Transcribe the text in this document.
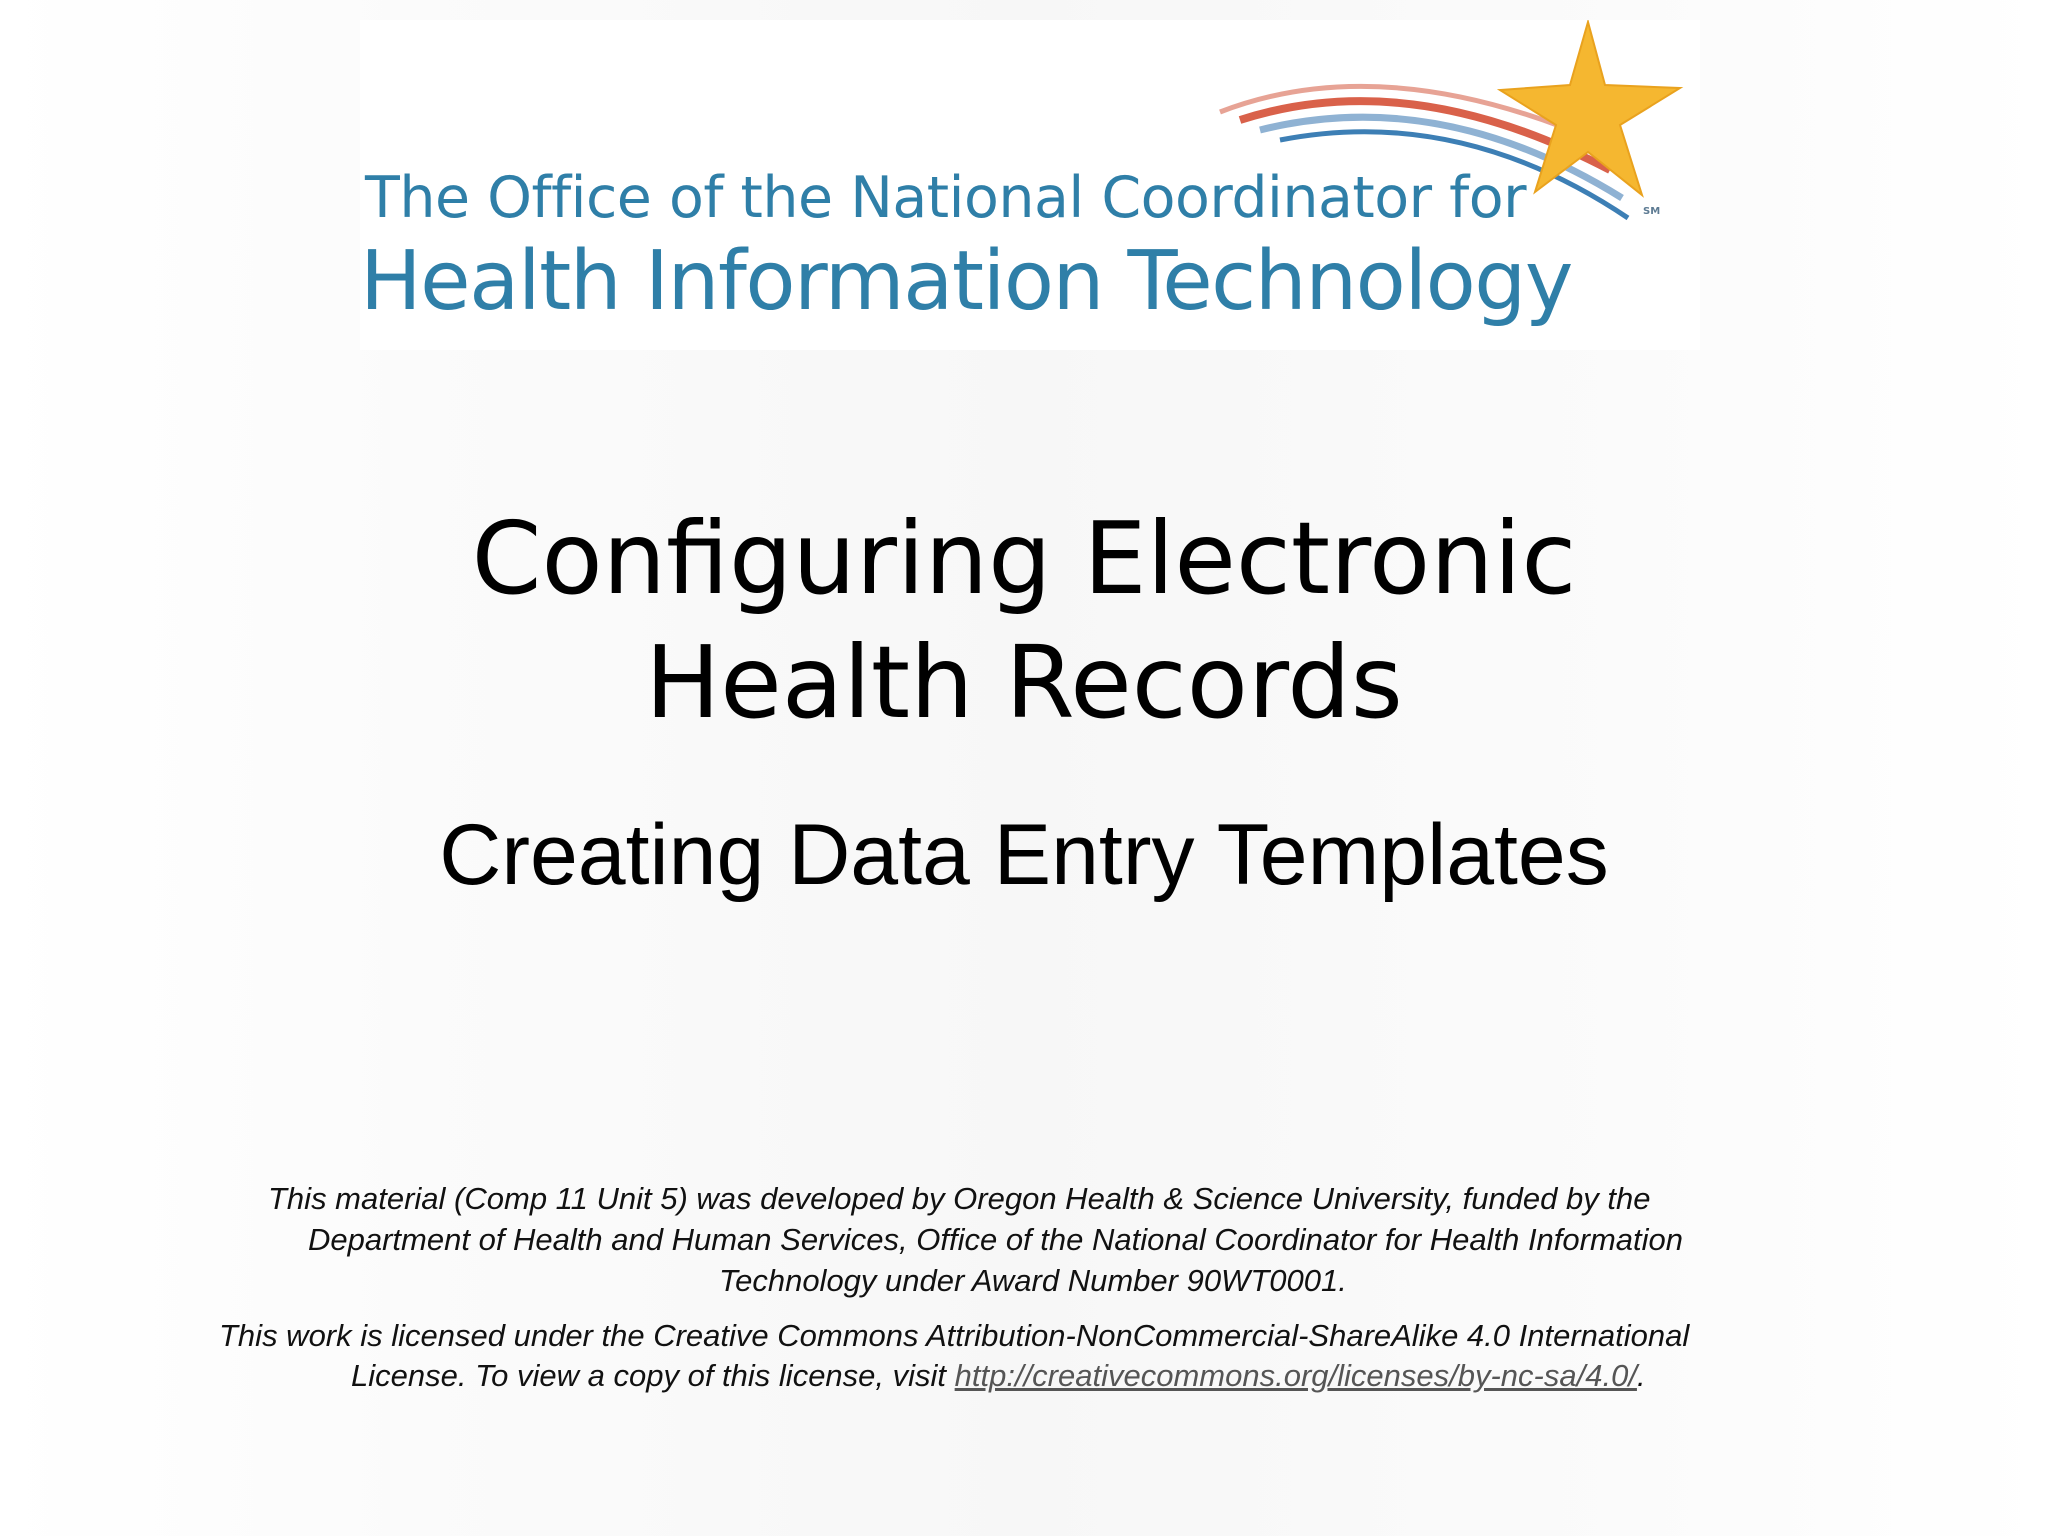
The Office of the National Coordinator for
Health Information Technology
SM
Configuring Electronic
Health Records
Creating Data Entry Templates
This material (Comp 11 Unit 5) was developed by Oregon Health & Science University, funded by the
Department of Health and Human Services, Office of the National Coordinator for Health Information
Technology under Award Number 90WT0001.
This work is licensed under the Creative Commons Attribution-NonCommercial-ShareAlike 4.0 International
License. To view a copy of this license, visit http://creativecommons.org/licenses/by-nc-sa/4.0/.
